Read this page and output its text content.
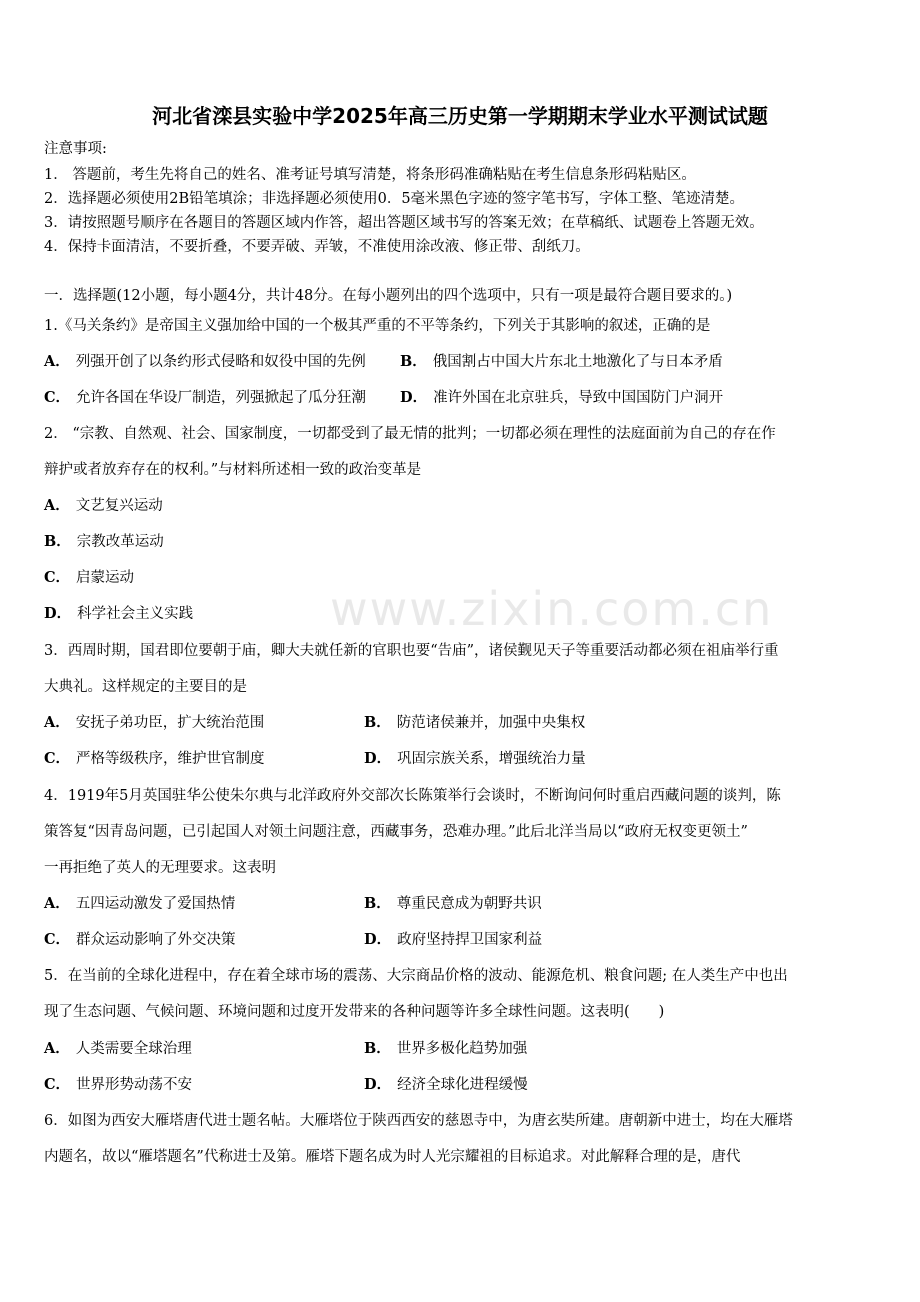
www.zixin.com.cn
河北省滦县实验中学2025年高三历史第一学期期末学业水平测试试题
注意事项:
1． 答题前，考生先将自己的姓名、准考证号填写清楚，将条形码准确粘贴在考生信息条形码粘贴区。
2．选择题必须使用2B铅笔填涂；非选择题必须使用0．5毫米黑色字迹的签字笔书写，字体工整、笔迹清楚。
3．请按照题号顺序在各题目的答题区域内作答，超出答题区域书写的答案无效；在草稿纸、试题卷上答题无效。
4．保持卡面清洁，不要折叠，不要弄破、弄皱，不准使用涂改液、修正带、刮纸刀。
一．选择题(12小题，每小题4分，共计48分。在每小题列出的四个选项中，只有一项是最符合题目要求的。)
1.《马关条约》是帝国主义强加给中国的一个极其严重的不平等条约，下列关于其影响的叙述，正确的是
A． 列强开创了以条约形式侵略和奴役中国的先例 B． 俄国割占中国大片东北土地激化了与日本矛盾
C． 允许各国在华设厂制造，列强掀起了瓜分狂潮 D． 准许外国在北京驻兵，导致中国国防门户洞开
2． “宗教、自然观、社会、国家制度，一切都受到了最无情的批判；一切都必须在理性的法庭面前为自己的存在作
辩护或者放弃存在的权利。”与材料所述相一致的政治变革是
A． 文艺复兴运动
B． 宗教改革运动
C． 启蒙运动
D． 科学社会主义实践
3．西周时期，国君即位要朝于庙，卿大夫就任新的官职也要“告庙”，诸侯觐见天子等重要活动都必须在祖庙举行重
大典礼。这样规定的主要目的是
A． 安抚子弟功臣，扩大统治范围	B． 防范诸侯兼并，加强中央集权
C． 严格等级秩序，维护世官制度	D． 巩固宗族关系，增强统治力量
4．1919年5月英国驻华公使朱尔典与北洋政府外交部次长陈策举行会谈时，不断询问何时重启西藏问题的谈判，陈
策答复“因青岛问题，已引起国人对领土问题注意，西藏事务，恐难办理。”此后北洋当局以“政府无权变更领土”
一再拒绝了英人的无理要求。这表明
A． 五四运动激发了爱国热情	B． 尊重民意成为朝野共识
C． 群众运动影响了外交决策	D． 政府坚持捍卫国家利益
5．在当前的全球化进程中，存在着全球市场的震荡、大宗商品价格的波动、能源危机、粮食问题; 在人类生产中也出
现了生态问题、气候问题、环境问题和过度开发带来的各种问题等许多全球性问题。这表明(　　)
A． 人类需要全球治理	B． 世界多极化趋势加强
C． 世界形势动荡不安	D． 经济全球化进程缓慢
6．如图为西安大雁塔唐代进士题名帖。大雁塔位于陕西西安的慈恩寺中，为唐玄奘所建。唐朝新中进士，均在大雁塔
内题名，故以“雁塔题名”代称进士及第。雁塔下题名成为时人光宗耀祖的目标追求。对此解释合理的是，唐代
